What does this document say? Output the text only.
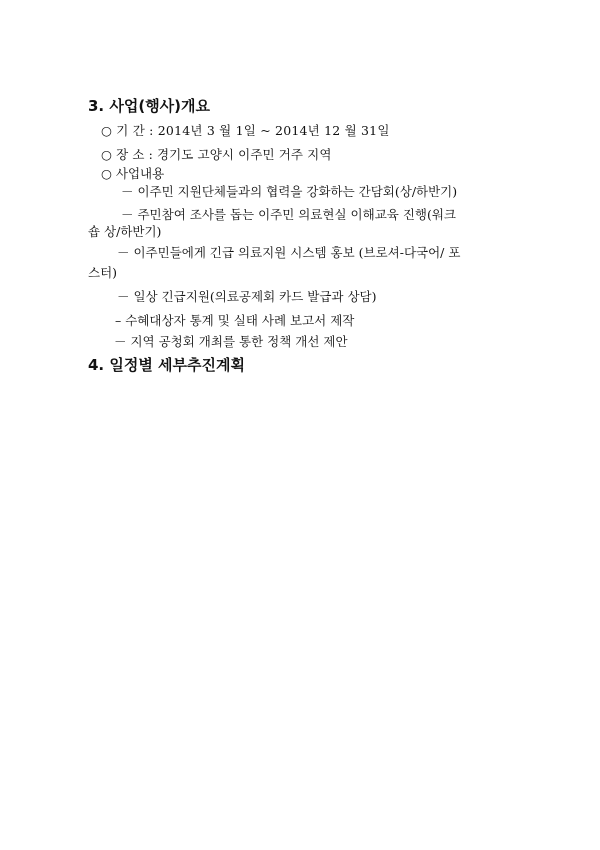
3. 사업(행사)개요
○ 기 간 : 2014년 3 월 1일 ~ 2014년 12 월 31일
○ 장 소 : 경기도 고양시 이주민 거주 지역
○ 사업내용
－ 이주민 지원단체들과의 협력을 강화하는 간담회(상/하반기)
－ 주민참여 조사를 돕는 이주민 의료현실 이해교육 진행(워크
숍 상/하반기)
－ 이주민들에게 긴급 의료지원 시스템 홍보 (브로셔-다국어/ 포
스터)
－ 일상 긴급지원(의료공제회 카드 발급과 상담)
– 수혜대상자 통계 및 실태 사례 보고서 제작
－ 지역 공청회 개최를 통한 정책 개선 제안
4. 일정별 세부추진계획
